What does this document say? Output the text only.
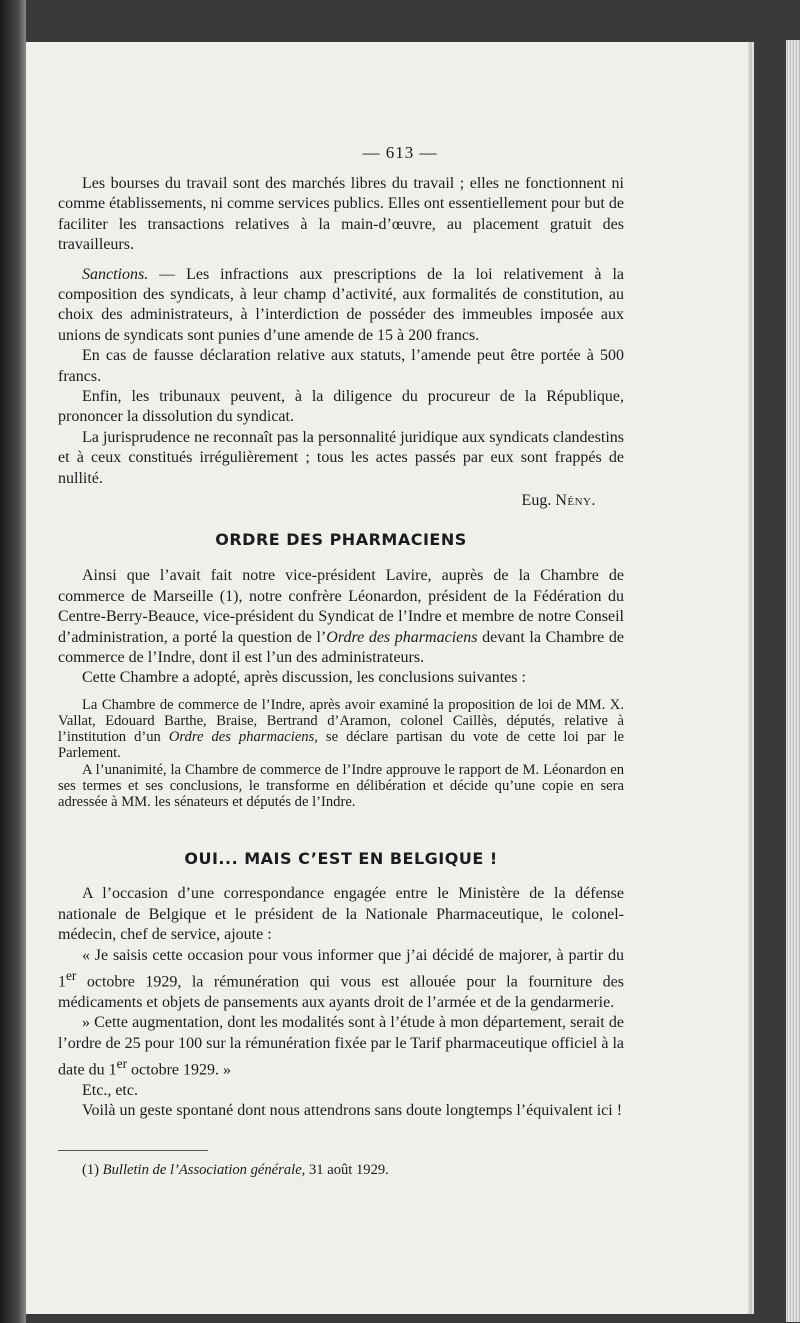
— 613 —

Les bourses du travail sont des marchés libres du travail ; elles ne fonctionnent ni comme établissements, ni comme services publics. Elles ont essentiellement pour but de faciliter les transactions relatives à la main-d’œuvre, au placement gratuit des travailleurs.

Sanctions. — Les infractions aux prescriptions de la loi relativement à la composition des syndicats, à leur champ d’activité, aux formalités de constitution, au choix des administrateurs, à l’interdiction de posséder des immeubles imposée aux unions de syndicats sont punies d’une amende de 15 à 200 francs.

En cas de fausse déclaration relative aux statuts, l’amende peut être portée à 500 francs.

Enfin, les tribunaux peuvent, à la diligence du procureur de la République, prononcer la dissolution du syndicat.

La jurisprudence ne reconnaît pas la personnalité juridique aux syndicats clandestins et à ceux constitués irrégulièrement ; tous les actes passés par eux sont frappés de nullité.

Eug. Nény.

ORDRE DES PHARMACIENS

Ainsi que l’avait fait notre vice-président Lavire, auprès de la Chambre de commerce de Marseille (1), notre confrère Léonardon, président de la Fédération du Centre-Berry-Beauce, vice-président du Syndicat de l’Indre et membre de notre Conseil d’administration, a porté la question de l’Ordre des pharmaciens devant la Chambre de commerce de l’Indre, dont il est l’un des administrateurs.

Cette Chambre a adopté, après discussion, les conclusions suivantes :

La Chambre de commerce de l’Indre, après avoir examiné la proposition de loi de MM. X. Vallat, Edouard Barthe, Braise, Bertrand d’Aramon, colonel Caillès, députés, relative à l’institution d’un Ordre des pharmaciens, se déclare partisan du vote de cette loi par le Parlement.

A l’unanimité, la Chambre de commerce de l’Indre approuve le rapport de M. Léonardon en ses termes et ses conclusions, le transforme en délibération et décide qu’une copie en sera adressée à MM. les sénateurs et députés de l’Indre.

OUI... MAIS C’EST EN BELGIQUE !

A l’occasion d’une correspondance engagée entre le Ministère de la défense nationale de Belgique et le président de la Nationale Pharmaceutique, le colonel-médecin, chef de service, ajoute :

« Je saisis cette occasion pour vous informer que j’ai décidé de majorer, à partir du 1er octobre 1929, la rémunération qui vous est allouée pour la fourniture des médicaments et objets de pansements aux ayants droit de l’armée et de la gendarmerie.

» Cette augmentation, dont les modalités sont à l’étude à mon département, serait de l’ordre de 25 pour 100 sur la rémunération fixée par le Tarif pharmaceutique officiel à la date du 1er octobre 1929. »

Etc., etc.

Voilà un geste spontané dont nous attendrons sans doute longtemps l’équivalent ici !

(1) Bulletin de l’Association générale, 31 août 1929.
